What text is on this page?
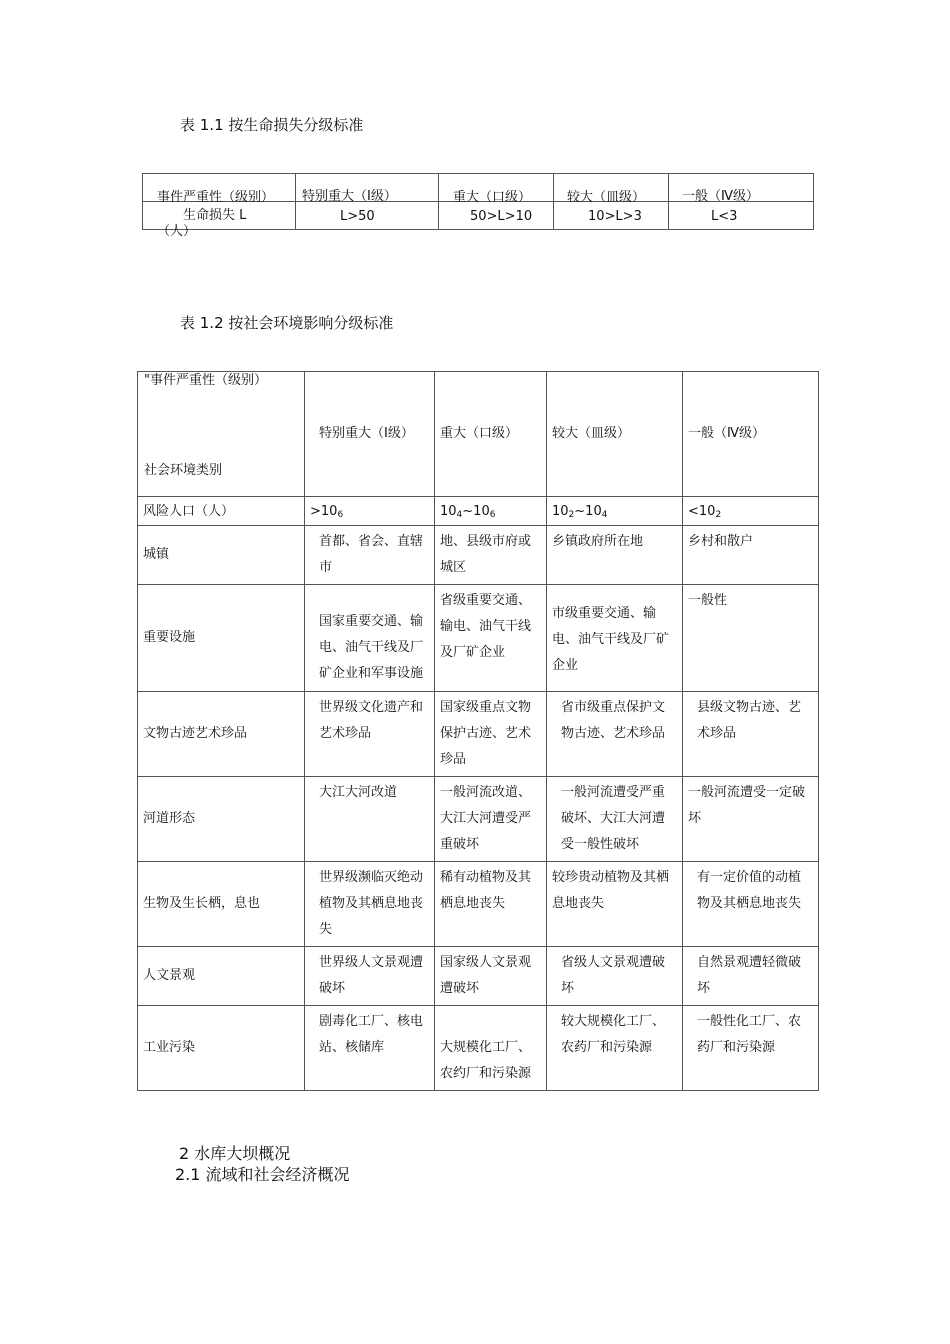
表 1.1 按生命损失分级标准
事件严重性（级别）	特别重大（Ⅰ级）	重大（口级）	较大（皿级）	一般（Ⅳ级）

生命损失 L
（人）	L>50	50>L>10	10>L>3	L<3
表 1.2 按社会环境影响分级标准
"事件严重性（级别）
社会环境类别	特别重大（Ⅰ级）	重大（口级）	较大（皿级）	一般（Ⅳ级）
风险人口（人）	$>10_6$	$10_4\sim 10_6$	$10_2\sim 10_4$	$<10_2$
城镇	首都、省会、直辖市	地、县级市府或城区	乡镇政府所在地	乡村和散户
重要设施	国家重要交通、输电、油气干线及厂矿企业和军事设施	省级重要交通、输电、油气干线及厂矿企业	市级重要交通、输电、油气干线及厂矿企业	一般性
文物古迹艺术珍品	世界级文化遗产和艺术珍品	国家级重点文物保护古迹、艺术珍品	省市级重点保护文物古迹、艺术珍品	县级文物古迹、艺术珍品
河道形态	大江大河改道	一般河流改道、大江大河遭受严重破坏	一般河流遭受严重破坏、大江大河遭受一般性破坏	一般河流遭受一定破坏
生物及生长栖，息也	世界级濒临灭绝动植物及其栖息地丧失	稀有动植物及其栖息地丧失	较珍贵动植物及其栖息地丧失	有一定价值的动植物及其栖息地丧失
人文景观	世界级人文景观遭破坏	国家级人文景观遭破坏	省级人文景观遭破坏	自然景观遭轻微破坏
工业污染	剧毒化工厂、核电站、核储库	大规模化工厂、农约厂和污染源	较大规模化工厂、农药厂和污染源	一般性化工厂、农药厂和污染源
2 水库大坝概况
2.1 流域和社会经济概况
